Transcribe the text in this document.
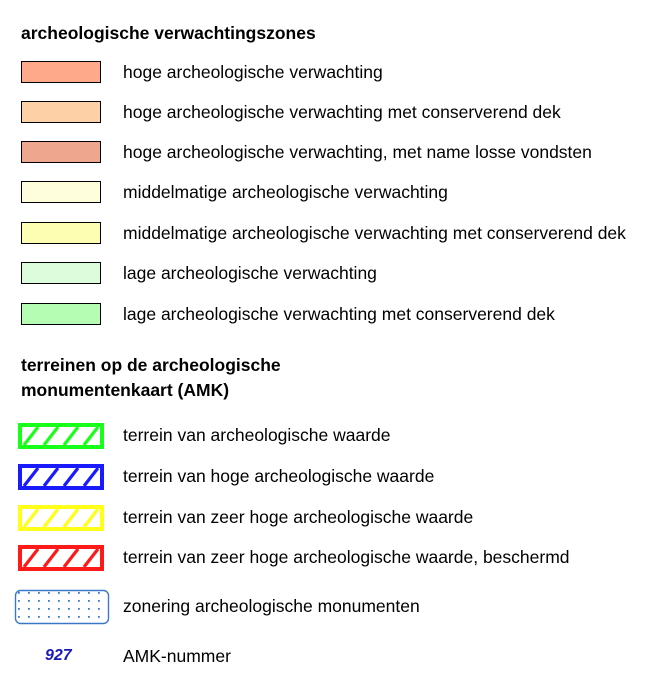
archeologische verwachtingszones
hoge archeologische verwachting
hoge archeologische verwachting met conserverend dek
hoge archeologische verwachting, met name losse vondsten
middelmatige archeologische verwachting
middelmatige archeologische verwachting met conserverend dek
lage archeologische verwachting
lage archeologische verwachting met conserverend dek
terreinen op de archeologische
monumentenkaart (AMK)
terrein van archeologische waarde
terrein van hoge archeologische waarde
terrein van zeer hoge archeologische waarde
terrein van zeer hoge archeologische waarde, beschermd
zonering archeologische monumenten
927	AMK-nummer
